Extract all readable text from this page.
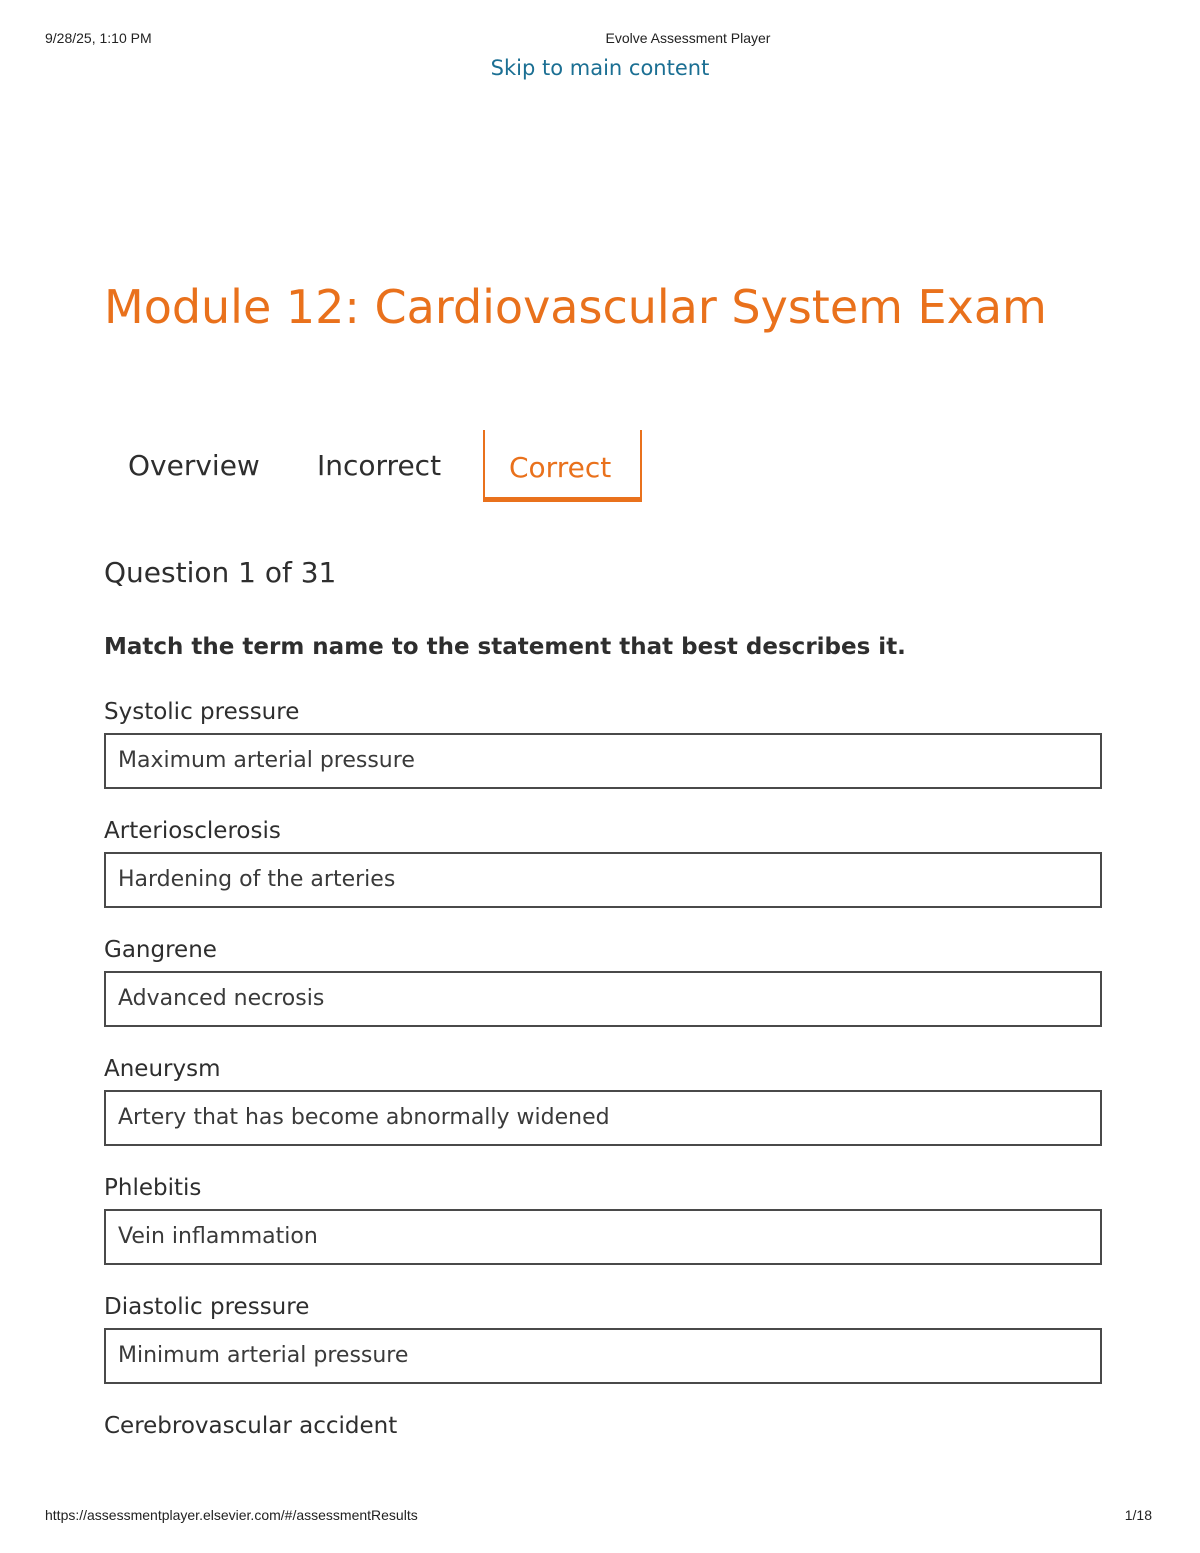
9/28/25, 1:10 PM	Evolve Assessment Player
Skip to main content
Module 12: Cardiovascular System Exam
Overview	Incorrect	Correct
Question 1 of 31
Match the term name to the statement that best describes it.
Systolic pressure
Maximum arterial pressure
Arteriosclerosis
Hardening of the arteries
Gangrene
Advanced necrosis
Aneurysm
Artery that has become abnormally widened
Phlebitis
Vein inflammation
Diastolic pressure
Minimum arterial pressure
Cerebrovascular accident
https://assessmentplayer.elsevier.com/#/assessmentResults	1/18
